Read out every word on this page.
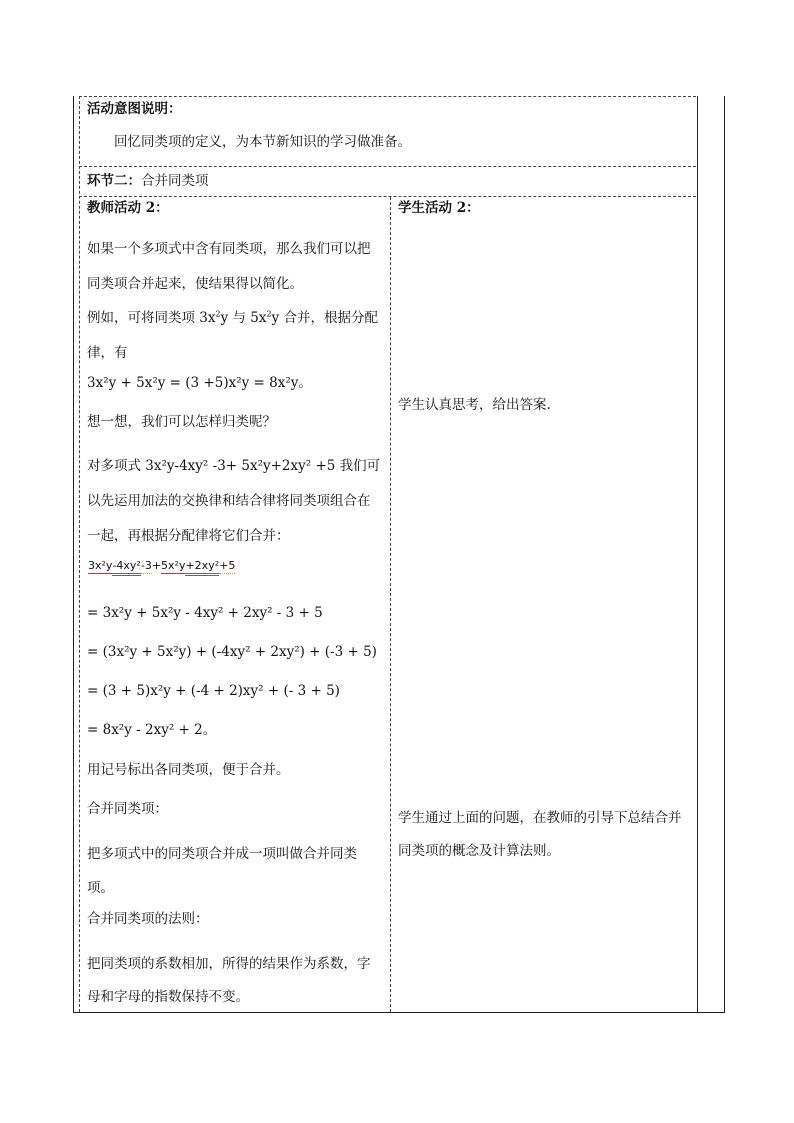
活动意图说明：
回忆同类项的定义，为本节新知识的学习做准备。
环节二：合并同类项
教师活动 2：
如果一个多项式中含有同类项，那么我们可以把同类项合并起来，使结果得以简化。
例如，可将同类项 $3x^2y$ 与 $5x^2y$ 合并，根据分配律，有
3x²y + 5x²y = (3 +5)x²y = 8x²y。
想一想，我们可以怎样归类呢？
对多项式 3x²y-4xy² -3+ 5x²y+2xy² +5 我们可以先运用加法的交换律和结合律将同类项组合在一起，再根据分配律将它们合并：
3x²y-4xy²-3+5x²y+2xy²+5
= 3x²y + 5x²y - 4xy² + 2xy² - 3 + 5
= (3x²y + 5x²y) + (-4xy² + 2xy²) + (-3 + 5)
= (3 + 5)x²y + (-4 + 2)xy² + (- 3 + 5)
= 8x²y - 2xy² + 2。
用记号标出各同类项，便于合并。
合并同类项：
把多项式中的同类项合并成一项叫做合并同类项。
合并同类项的法则：
把同类项的系数相加，所得的结果作为系数，字母和字母的指数保持不变。
学生活动 2：
学生认真思考，给出答案.
学生通过上面的问题，在教师的引导下总结合并同类项的概念及计算法则。
